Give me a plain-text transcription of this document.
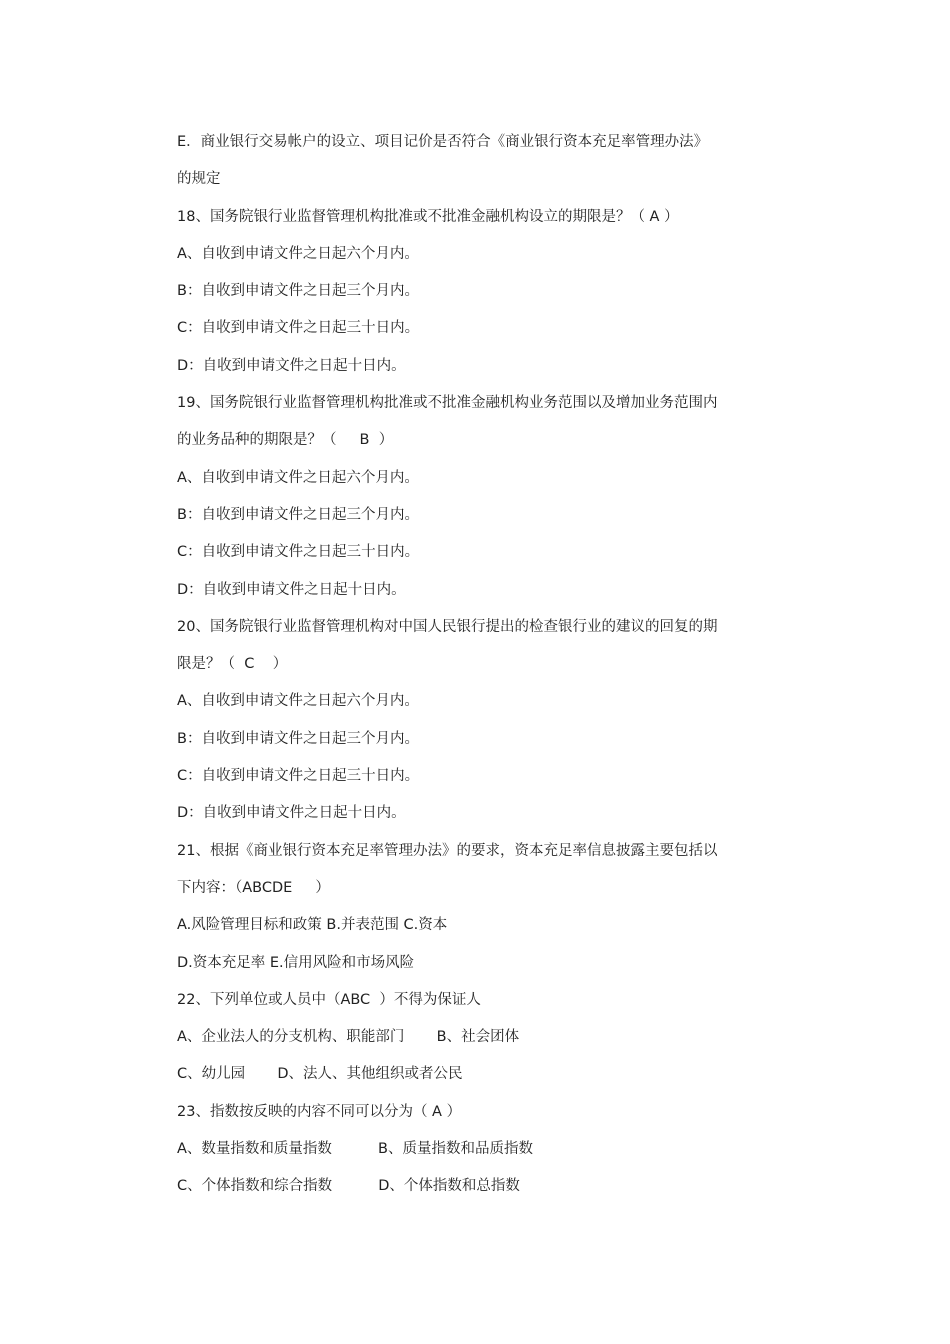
E．商业银行交易帐户的设立、项目记价是否符合《商业银行资本充足率管理办法》
的规定
18、国务院银行业监督管理机构批准或不批准金融机构设立的期限是？（ A ）
A、自收到申请文件之日起六个月内。
B：自收到申请文件之日起三个月内。
C：自收到申请文件之日起三十日内。
D：自收到申请文件之日起十日内。
19、国务院银行业监督管理机构批准或不批准金融机构业务范围以及增加业务范围内
的业务品种的期限是？（     B  ）
A、自收到申请文件之日起六个月内。
B：自收到申请文件之日起三个月内。
C：自收到申请文件之日起三十日内。
D：自收到申请文件之日起十日内。
20、国务院银行业监督管理机构对中国人民银行提出的检查银行业的建议的回复的期
限是？（  C    ）
A、自收到申请文件之日起六个月内。
B：自收到申请文件之日起三个月内。
C：自收到申请文件之日起三十日内。
D：自收到申请文件之日起十日内。
21、根据《商业银行资本充足率管理办法》的要求，资本充足率信息披露主要包括以
下内容：（ABCDE     ）
A.风险管理目标和政策 B.并表范围 C.资本
D.资本充足率 E.信用风险和市场风险
22、下列单位或人员中（ABC  ）不得为保证人
A、企业法人的分支机构、职能部门       B、社会团体
C、幼儿园       D、法人、其他组织或者公民
23、指数按反映的内容不同可以分为（ A ）
A、数量指数和质量指数          B、质量指数和品质指数
C、个体指数和综合指数          D、个体指数和总指数
